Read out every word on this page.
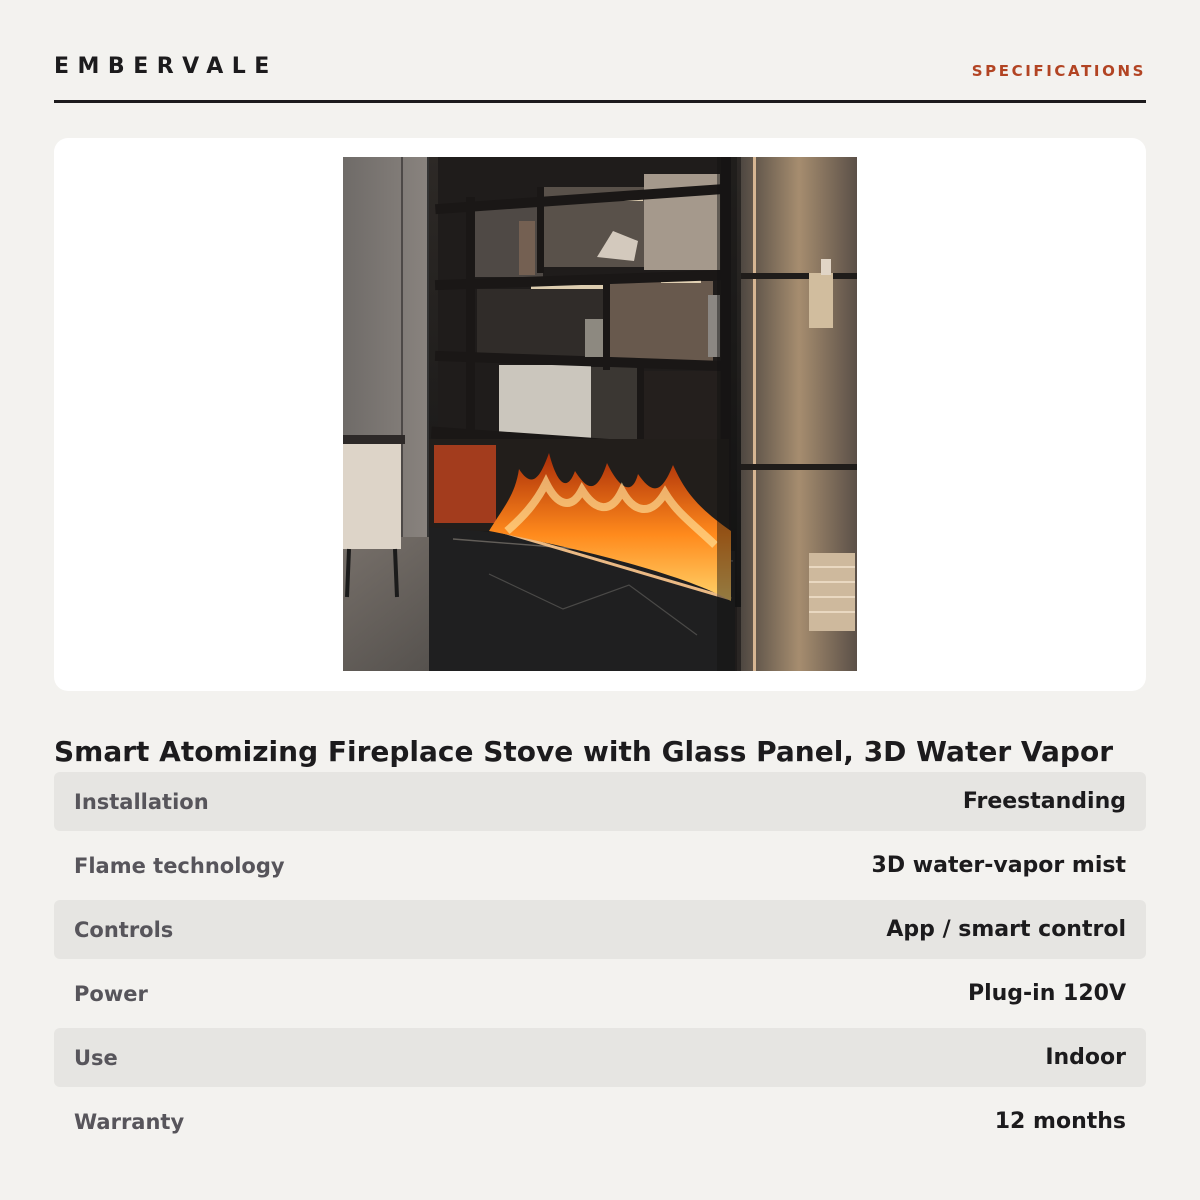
EMBERVALE	SPECIFICATIONS
Smart Atomizing Fireplace Stove with Glass Panel, 3D Water Vapor
Installation	Freestanding
Flame technology	3D water-vapor mist
Controls	App / smart control
Power	Plug-in 120V
Use	Indoor
Warranty	12 months
